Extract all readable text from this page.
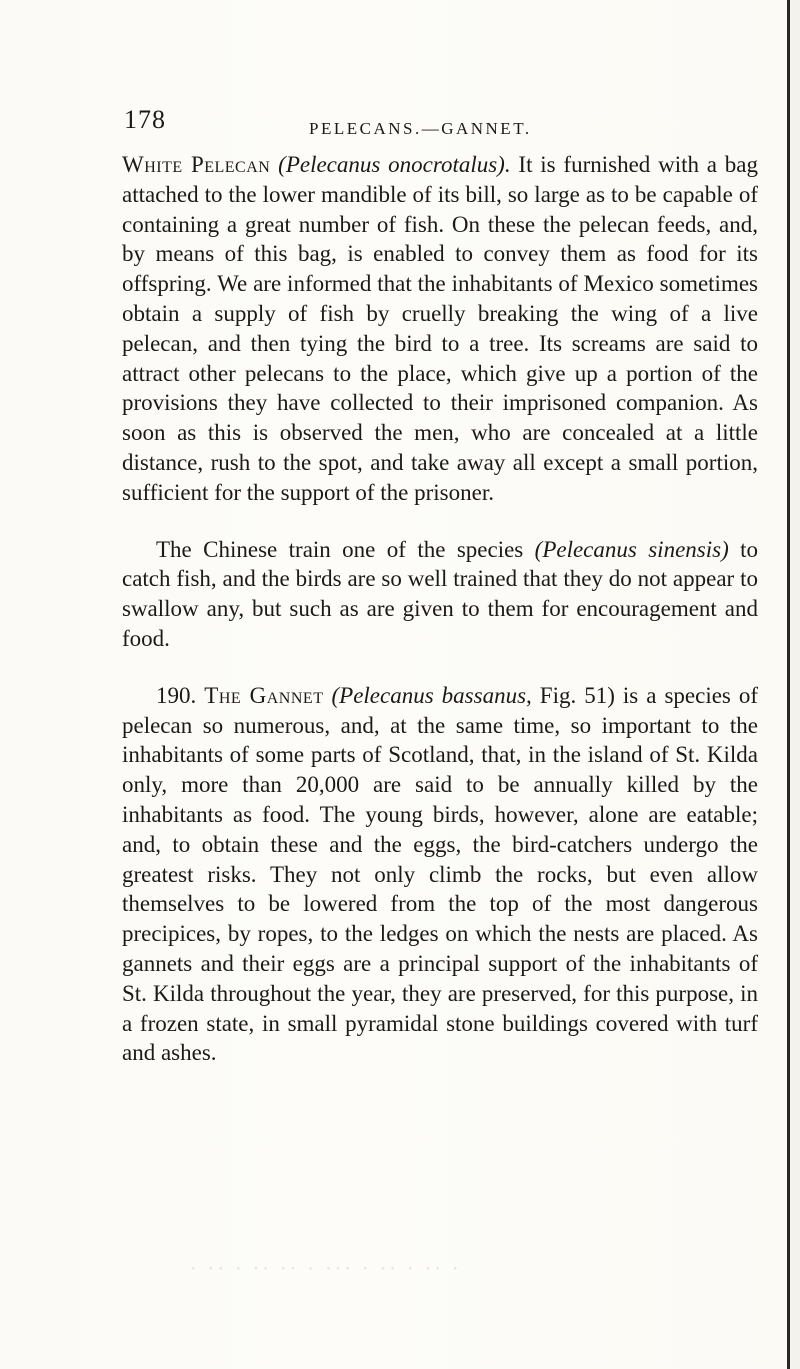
178	PELECANS.—GANNET.

White Pelecan (Pelecanus onocrotalus). It is furnished with a bag attached to the lower mandible of its bill, so large as to be capable of containing a great number of fish. On these the pelecan feeds, and, by means of this bag, is enabled to convey them as food for its offspring. We are informed that the inhabitants of Mexico sometimes obtain a supply of fish by cruelly breaking the wing of a live pelecan, and then tying the bird to a tree. Its screams are said to attract other pelecans to the place, which give up a portion of the provisions they have collected to their imprisoned companion. As soon as this is observed the men, who are concealed at a little distance, rush to the spot, and take away all except a small portion, sufficient for the support of the prisoner.

The Chinese train one of the species (Pelecanus sinensis) to catch fish, and the birds are so well trained that they do not appear to swallow any, but such as are given to them for encouragement and food.

190. The Gannet (Pelecanus bassanus, Fig. 51) is a species of pelecan so numerous, and, at the same time, so important to the inhabitants of some parts of Scotland, that, in the island of St. Kilda only, more than 20,000 are said to be annually killed by the inhabitants as food. The young birds, however, alone are eatable; and, to obtain these and the eggs, the bird-catchers undergo the greatest risks. They not only climb the rocks, but even allow themselves to be lowered from the top of the most dangerous precipices, by ropes, to the ledges on which the nests are placed. As gannets and their eggs are a principal support of the inhabitants of St. Kilda throughout the year, they are preserved, for this purpose, in a frozen state, in small pyramidal stone buildings covered with turf and ashes.

· ·· · ·· ·· · ··· · ·· · ·· ·
